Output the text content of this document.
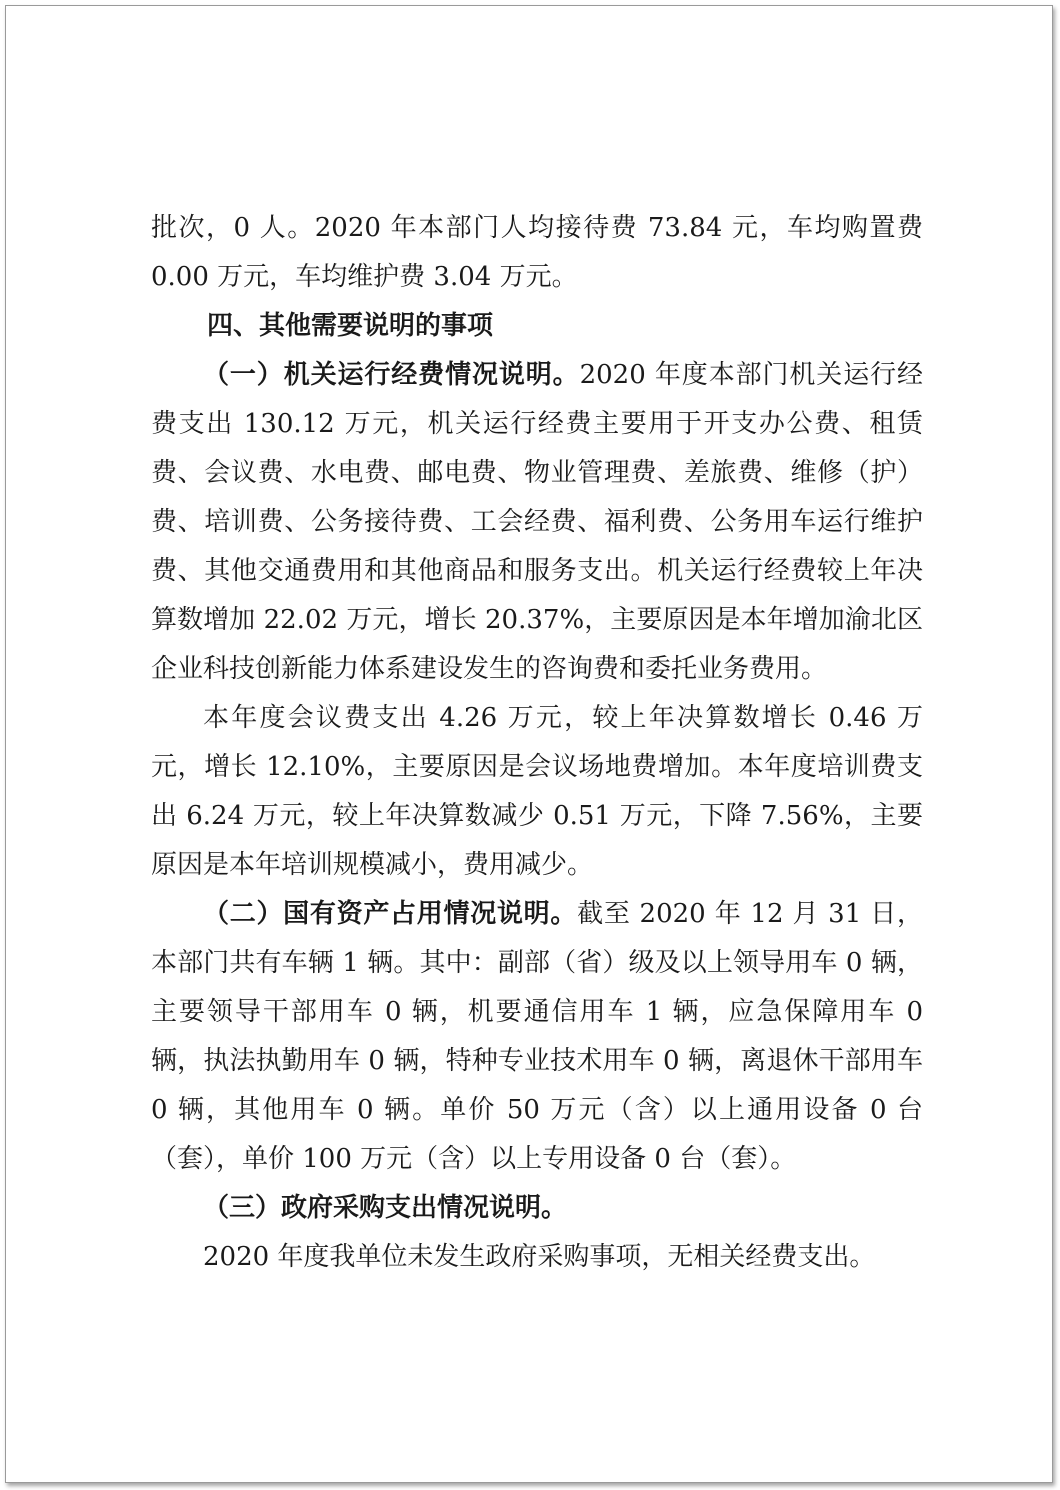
批次，0 人。2020 年本部门人均接待费 73.84 元，车均购置费 0.00 万元，车均维护费 3.04 万元。

四、其他需要说明的事项

（一）机关运行经费情况说明。2020 年度本部门机关运行经费支出 130.12 万元，机关运行经费主要用于开支办公费、租赁费、会议费、水电费、邮电费、物业管理费、差旅费、维修（护）费、培训费、公务接待费、工会经费、福利费、公务用车运行维护费、其他交通费用和其他商品和服务支出。机关运行经费较上年决算数增加 22.02 万元，增长 20.37%，主要原因是本年增加渝北区企业科技创新能力体系建设发生的咨询费和委托业务费用。

本年度会议费支出 4.26 万元，较上年决算数增长 0.46 万元，增长 12.10%，主要原因是会议场地费增加。本年度培训费支出 6.24 万元，较上年决算数减少 0.51 万元，下降 7.56%，主要原因是本年培训规模减小，费用减少。

（二）国有资产占用情况说明。截至 2020 年 12 月 31 日，本部门共有车辆 1 辆。其中：副部（省）级及以上领导用车 0 辆，主要领导干部用车 0 辆，机要通信用车 1 辆，应急保障用车 0 辆，执法执勤用车 0 辆，特种专业技术用车 0 辆，离退休干部用车 0 辆，其他用车 0 辆。单价 50 万元（含）以上通用设备 0 台（套），单价 100 万元（含）以上专用设备 0 台（套）。

（三）政府采购支出情况说明。

2020 年度我单位未发生政府采购事项，无相关经费支出。
